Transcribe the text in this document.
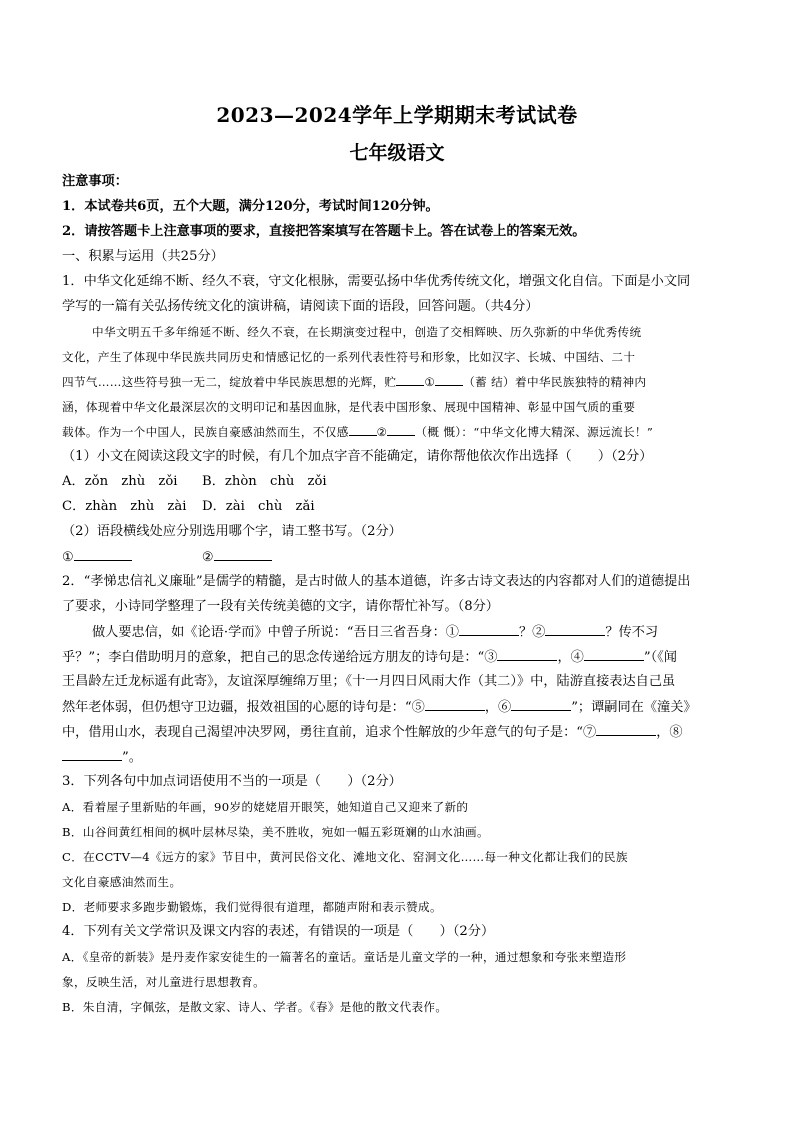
2023—2024学年上学期期末考试试卷
七年级语文
注意事项：
1．本试卷共6页，五个大题，满分120分，考试时间120分钟。
2．请按答题卡上注意事项的要求，直接把答案填写在答题卡上。答在试卷上的答案无效。
一、积累与运用（共25分）
1．中华文化延绵不断、经久不衰，守文化根脉，需要弘扬中华优秀传统文化，增强文化自信。下面是小文同
学写的一篇有关弘扬传统文化的演讲稿，请阅读下面的语段，回答问题。（共4分）
中华文明五千多年绵延不断、经久不衰，在长期演变过程中，创造了交相辉映、历久弥新的中华优秀传统
文化，产生了体现中华民族共同历史和情感记忆的一系列代表性符号和形象，比如汉字、长城、中国结、二十
四节气……这些符号独一无二，绽放着中华民族思想的光辉，贮 ① （蓄 结）着中华民族独特的精神内
涵，体现着中华文化最深层次的文明印记和基因血脉，是代表中国形象、展现中国精神、彰显中国气质的重要
载体。作为一个中国人，民族自豪感油然而生，不仅感 ② （概 慨）：“中华文化博大精深、源远流长！”
（1）小文在阅读这段文字的时候，有几个加点字音不能确定，请你帮他依次作出选择（　　）（2分）
A．zǒn　zhù　zǒi B．zhòn　chù　zǒi
C．zhàn　zhù　zài D．zài　chù　zǎi
（2）语段横线处应分别选用哪个字，请工整书写。（2分）
①	②
2．“孝悌忠信礼义廉耻”是儒学的精髓，是古时做人的基本道德，许多古诗文表达的内容都对人们的道德提出
了要求，小诗同学整理了一段有关传统美德的文字，请你帮忙补写。（8分）
做人要忠信，如《论语·学而》中曾子所说：“吾日三省吾身：①	？②	？传不习
乎？”；李白借助明月的意象，把自己的思念传递给远方朋友的诗句是：“③	，④	”（《闻
王昌龄左迁龙标遥有此寄》，友谊深厚缠绵万里；《十一月四日风雨大作（其二）》中，陆游直接表达自己虽
然年老体弱，但仍想守卫边疆，报效祖国的心愿的诗句是：“⑤	，⑥	”；谭嗣同在《潼关》
中，借用山水，表现自己渴望冲决罗网，勇往直前，追求个性解放的少年意气的句子是：“⑦	，⑧
”。
3．下列各句中加点词语使用不当的一项是（　　）（2分）
A．看着屋子里新贴的年画，90岁的姥姥眉开眼笑，她知道自己又迎来了新的
B．山谷间黄红相间的枫叶层林尽染，美不胜收，宛如一幅五彩斑斓的山水油画。
C．在CCTV—4《远方的家》节目中，黄河民俗文化、滩地文化、窑洞文化……每一种文化都让我们的民族
文化自豪感油然而生。
D．老师要求多跑步勤锻炼，我们觉得很有道理，都随声附和表示赞成。
4．下列有关文学常识及课文内容的表述，有错误的一项是（　　）（2分）
A．《皇帝的新装》是丹麦作家安徒生的一篇著名的童话。童话是儿童文学的一种，通过想象和夸张来塑造形
象，反映生活，对儿童进行思想教育。
B．朱自清，字佩弦，是散文家、诗人、学者。《春》是他的散文代表作。
